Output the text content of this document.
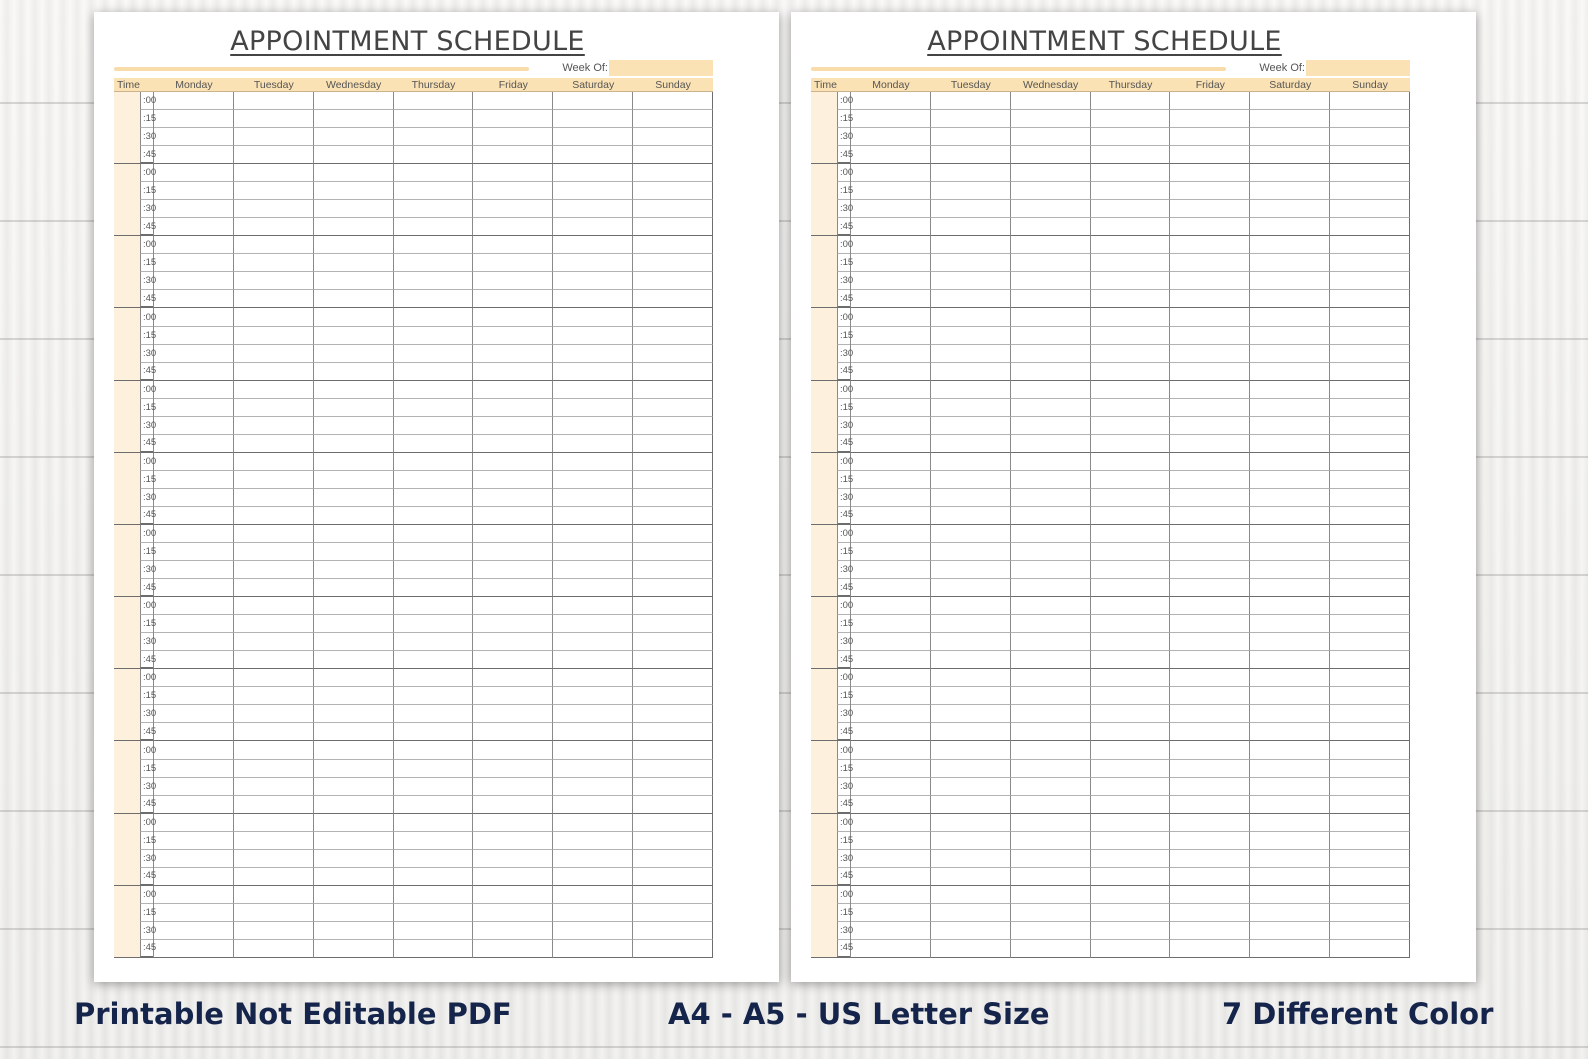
APPOINTMENT SCHEDULE
Week Of:
Time	Monday	Tuesday	Wednesday	Thursday	Friday	Saturday	Sunday
:00
:15
:30
:45
:00
:15
:30
:45
:00
:15
:30
:45
:00
:15
:30
:45
:00
:15
:30
:45
:00
:15
:30
:45
:00
:15
:30
:45
:00
:15
:30
:45
:00
:15
:30
:45
:00
:15
:30
:45
:00
:15
:30
:45
:00
:15
:30
:45
APPOINTMENT SCHEDULE
Week Of:
Time	Monday	Tuesday	Wednesday	Thursday	Friday	Saturday	Sunday
:00
:15
:30
:45
:00
:15
:30
:45
:00
:15
:30
:45
:00
:15
:30
:45
:00
:15
:30
:45
:00
:15
:30
:45
:00
:15
:30
:45
:00
:15
:30
:45
:00
:15
:30
:45
:00
:15
:30
:45
:00
:15
:30
:45
:00
:15
:30
:45
Printable Not Editable PDF	A4 - A5 - US Letter Size	7 Different Color
